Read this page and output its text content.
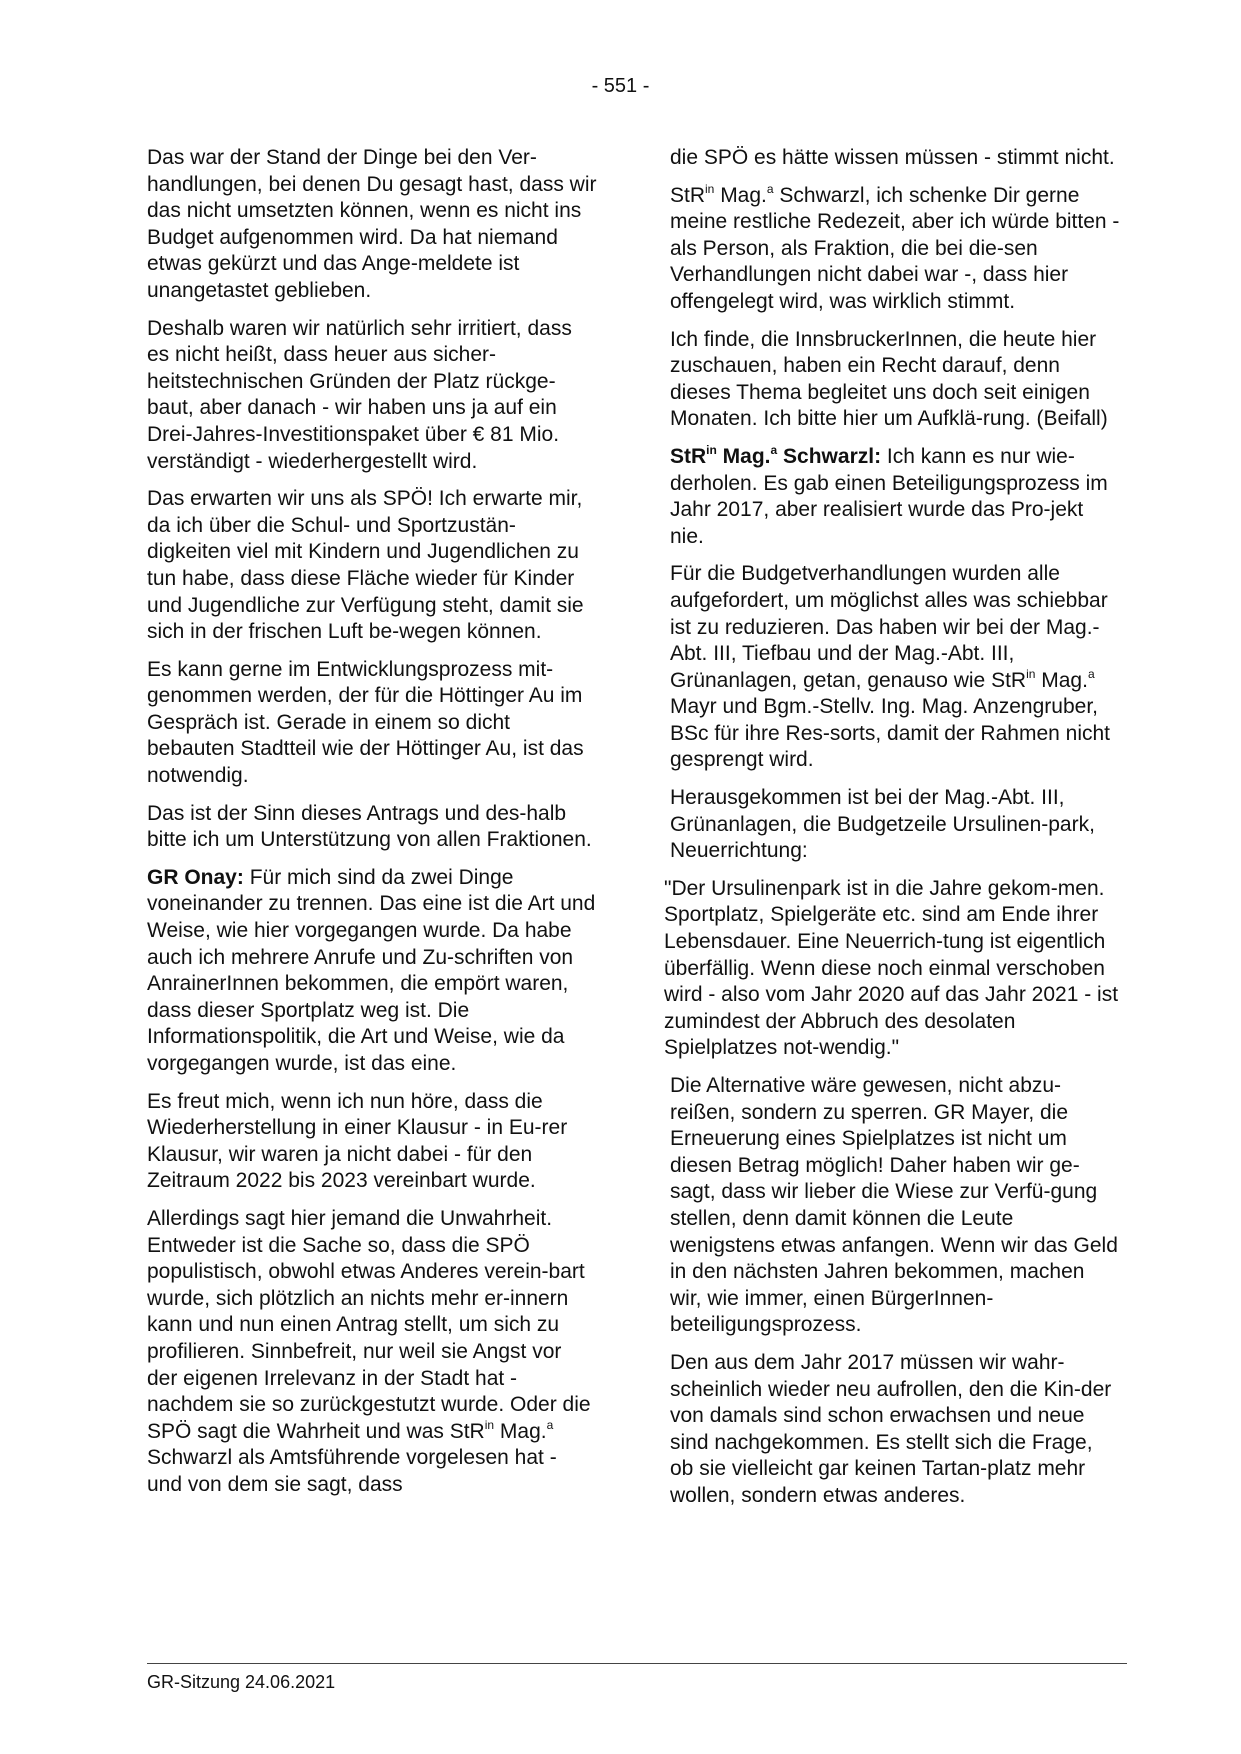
- 551 -

Das war der Stand der Dinge bei den Ver-handlungen, bei denen Du gesagt hast, dass wir das nicht umsetzten können, wenn es nicht ins Budget aufgenommen wird. Da hat niemand etwas gekürzt und das Ange-meldete ist unangetastet geblieben.

Deshalb waren wir natürlich sehr irritiert, dass es nicht heißt, dass heuer aus sicher-heitstechnischen Gründen der Platz rückge-baut, aber danach - wir haben uns ja auf ein Drei-Jahres-Investitionspaket über € 81 Mio. verständigt - wiederhergestellt wird.

Das erwarten wir uns als SPÖ! Ich erwarte mir, da ich über die Schul- und Sportzustän-digkeiten viel mit Kindern und Jugendlichen zu tun habe, dass diese Fläche wieder für Kinder und Jugendliche zur Verfügung steht, damit sie sich in der frischen Luft be-wegen können.

Es kann gerne im Entwicklungsprozess mit-genommen werden, der für die Höttinger Au im Gespräch ist. Gerade in einem so dicht bebauten Stadtteil wie der Höttinger Au, ist das notwendig.

Das ist der Sinn dieses Antrags und des-halb bitte ich um Unterstützung von allen Fraktionen.

GR Onay: Für mich sind da zwei Dinge voneinander zu trennen. Das eine ist die Art und Weise, wie hier vorgegangen wurde. Da habe auch ich mehrere Anrufe und Zu-schriften von AnrainerInnen bekommen, die empört waren, dass dieser Sportplatz weg ist. Die Informationspolitik, die Art und Weise, wie da vorgegangen wurde, ist das eine.

Es freut mich, wenn ich nun höre, dass die Wiederherstellung in einer Klausur - in Eu-rer Klausur, wir waren ja nicht dabei - für den Zeitraum 2022 bis 2023 vereinbart wurde.

Allerdings sagt hier jemand die Unwahrheit. Entweder ist die Sache so, dass die SPÖ populistisch, obwohl etwas Anderes verein-bart wurde, sich plötzlich an nichts mehr er-innern kann und nun einen Antrag stellt, um sich zu profilieren. Sinnbefreit, nur weil sie Angst vor der eigenen Irrelevanz in der Stadt hat - nachdem sie so zurückgestutzt wurde. Oder die SPÖ sagt die Wahrheit und was StR$^{in}$ Mag.$^a$ Schwarzl als Amtsführende vorgelesen hat - und von dem sie sagt, dass

die SPÖ es hätte wissen müssen - stimmt nicht.

StR$^{in}$ Mag.$^a$ Schwarzl, ich schenke Dir gerne meine restliche Redezeit, aber ich würde bitten - als Person, als Fraktion, die bei die-sen Verhandlungen nicht dabei war -, dass hier offengelegt wird, was wirklich stimmt.

Ich finde, die InnsbruckerInnen, die heute hier zuschauen, haben ein Recht darauf, denn dieses Thema begleitet uns doch seit einigen Monaten. Ich bitte hier um Aufklä-rung. (Beifall)

StR$^{in}$ Mag.$^a$ Schwarzl: Ich kann es nur wie-derholen. Es gab einen Beteiligungsprozess im Jahr 2017, aber realisiert wurde das Pro-jekt nie.

Für die Budgetverhandlungen wurden alle aufgefordert, um möglichst alles was schiebbar ist zu reduzieren. Das haben wir bei der Mag.-Abt. III, Tiefbau und der Mag.-Abt. III, Grünanlagen, getan, genauso wie StR$^{in}$ Mag.$^a$ Mayr und Bgm.-Stellv. Ing. Mag. Anzengruber, BSc für ihre Res-sorts, damit der Rahmen nicht gesprengt wird.

Herausgekommen ist bei der Mag.-Abt. III, Grünanlagen, die Budgetzeile Ursulinen-park, Neuerrichtung:

"Der Ursulinenpark ist in die Jahre gekom-men. Sportplatz, Spielgeräte etc. sind am Ende ihrer Lebensdauer. Eine Neuerrich-tung ist eigentlich überfällig. Wenn diese noch einmal verschoben wird - also vom Jahr 2020 auf das Jahr 2021 - ist zumindest der Abbruch des desolaten Spielplatzes not-wendig."

Die Alternative wäre gewesen, nicht abzu-reißen, sondern zu sperren. GR Mayer, die Erneuerung eines Spielplatzes ist nicht um diesen Betrag möglich! Daher haben wir ge-sagt, dass wir lieber die Wiese zur Verfü-gung stellen, denn damit können die Leute wenigstens etwas anfangen. Wenn wir das Geld in den nächsten Jahren bekommen, machen wir, wie immer, einen BürgerInnen-beteiligungsprozess.

Den aus dem Jahr 2017 müssen wir wahr-scheinlich wieder neu aufrollen, den die Kin-der von damals sind schon erwachsen und neue sind nachgekommen. Es stellt sich die Frage, ob sie vielleicht gar keinen Tartan-platz mehr wollen, sondern etwas anderes.

GR-Sitzung 24.06.2021
